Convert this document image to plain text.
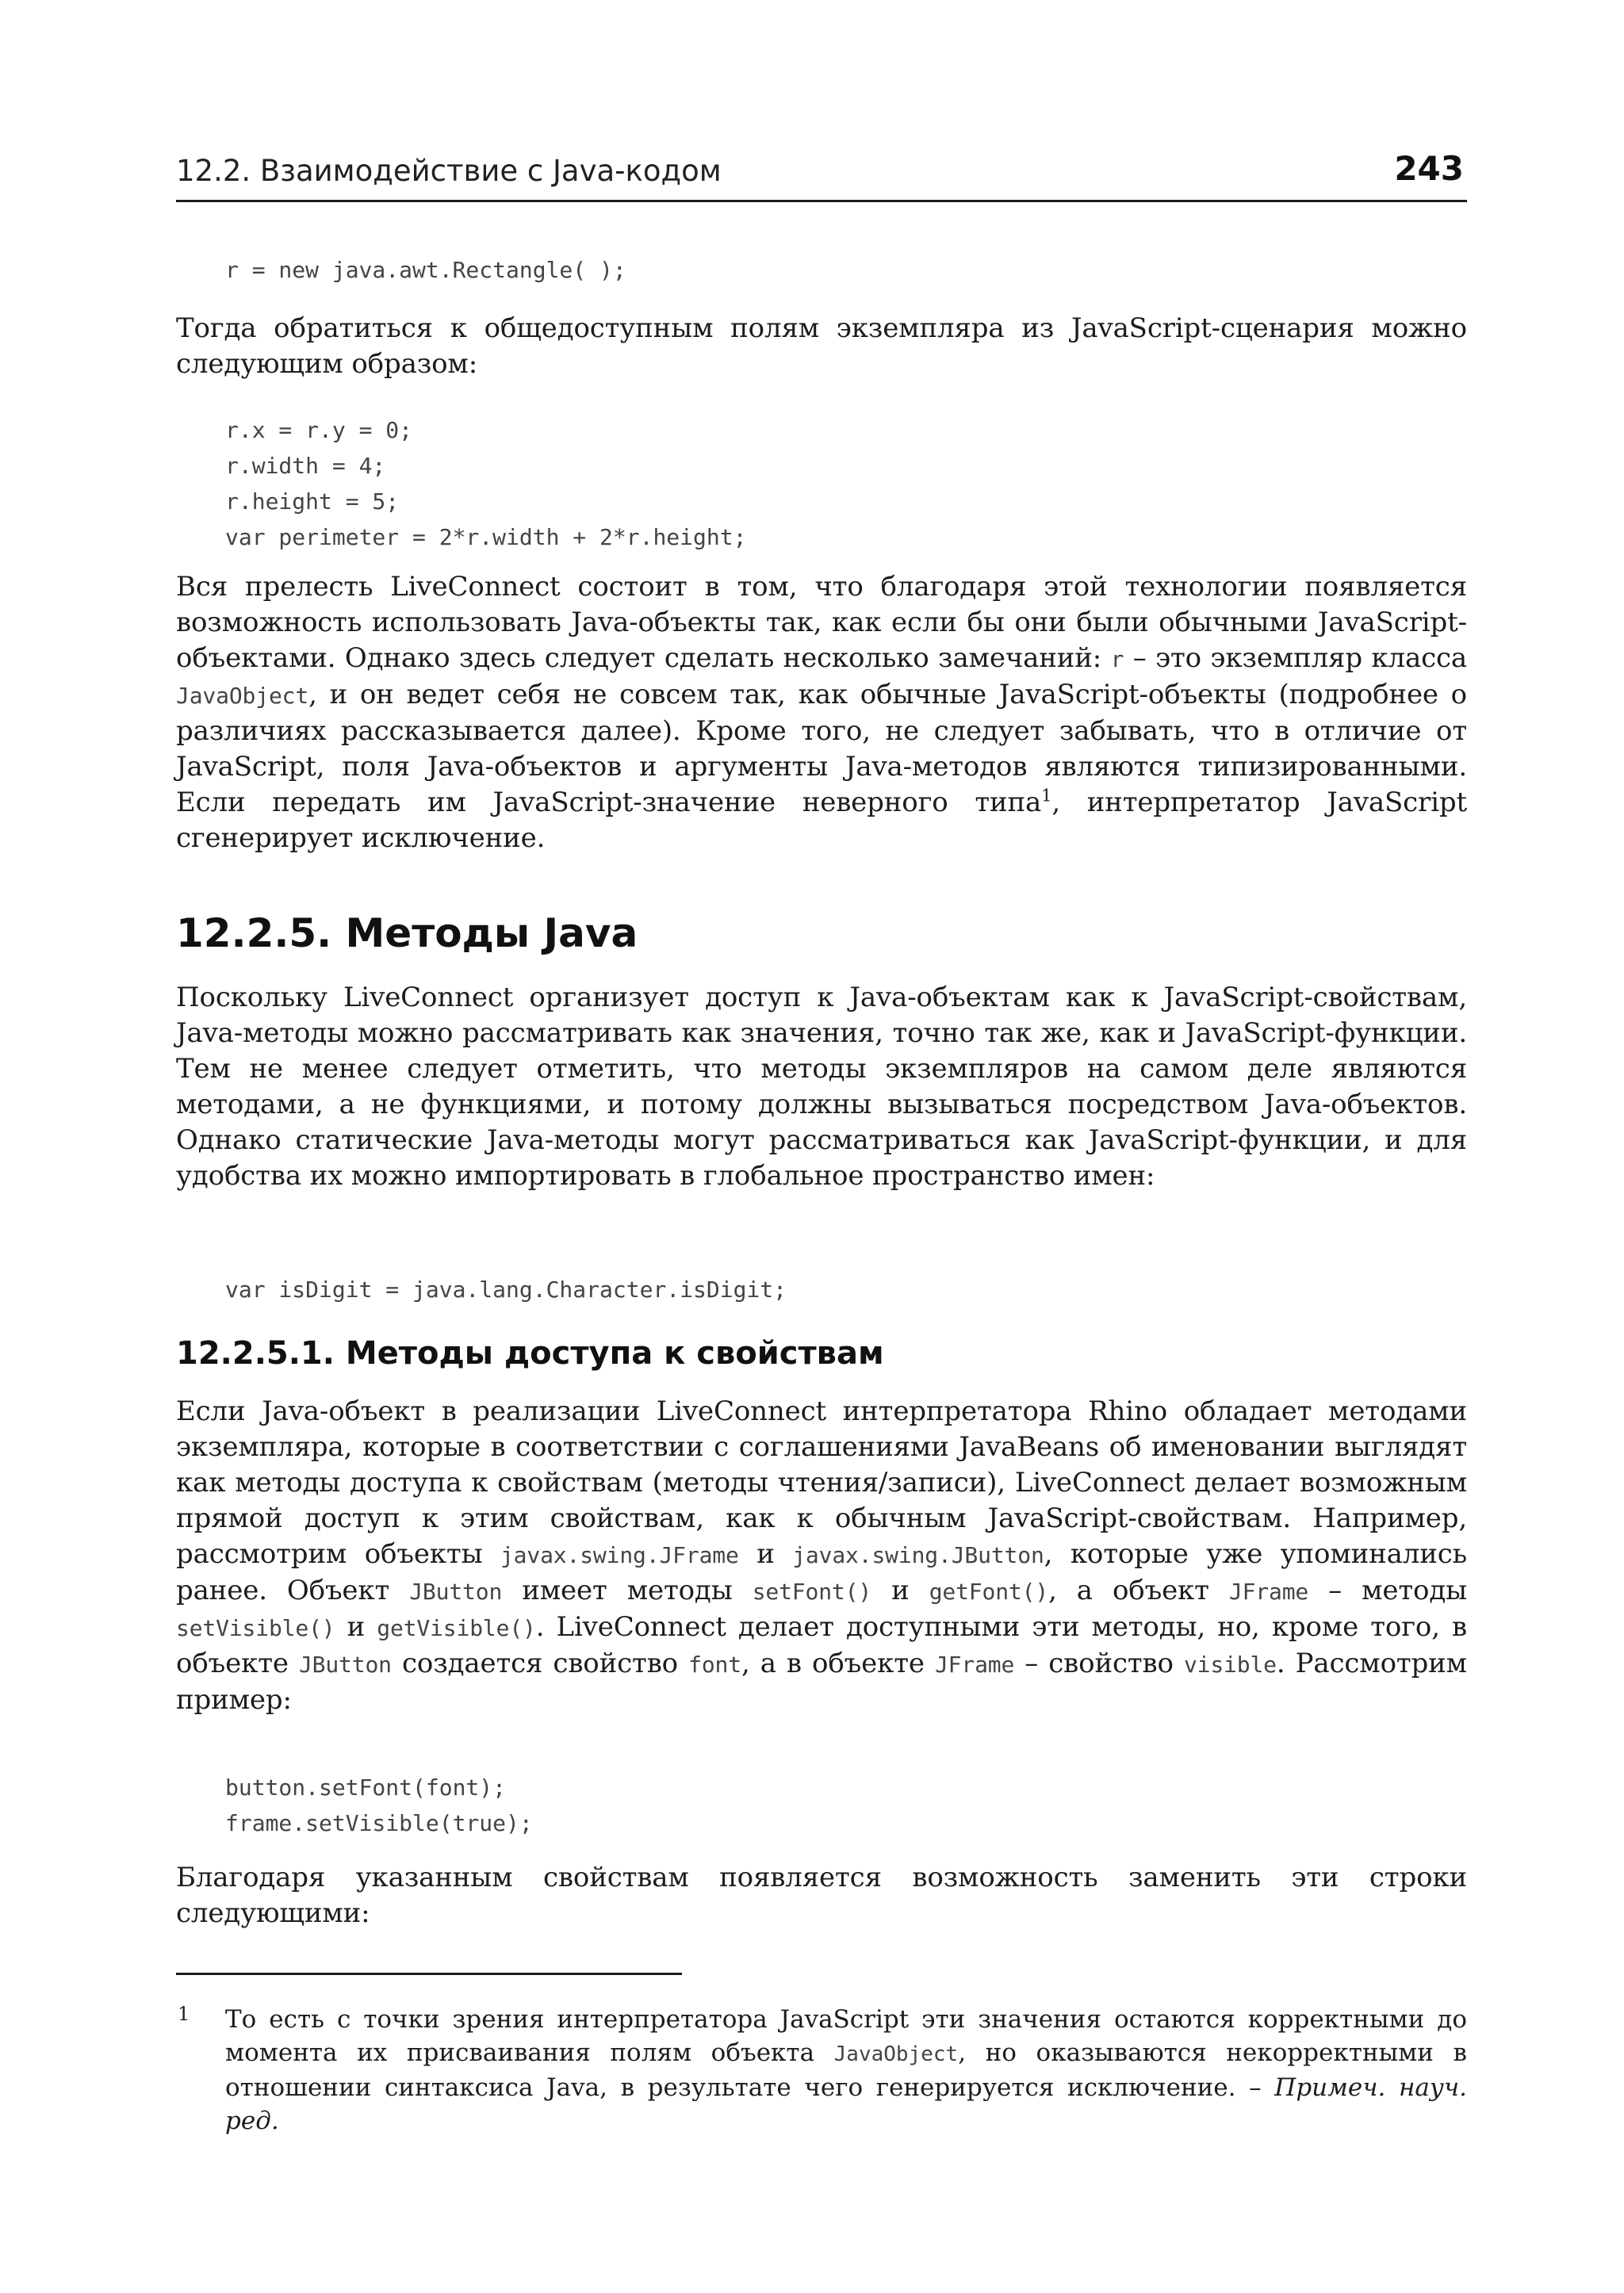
12.2. Взаимодействие с Java-кодом	243
r = new java.awt.Rectangle( );

Тогда обратиться к общедоступным полям экземпляра из JavaScript-сценария можно следующим образом:

r.x = r.y = 0;
r.width = 4;
r.height = 5;
var perimeter = 2*r.width + 2*r.height;

Вся прелесть LiveConnect состоит в том, что благодаря этой технологии появляется возможность использовать Java-объекты так, как если бы они были обычными JavaScript-объектами. Однако здесь следует сделать несколько замечаний: r – это экземпляр класса JavaObject, и он ведет себя не совсем так, как обычные JavaScript-объекты (подробнее о различиях рассказывается далее). Кроме того, не следует забывать, что в отличие от JavaScript, поля Java-объектов и аргументы Java-методов являются типизированными. Если передать им JavaScript-значение неверного типа$^1$, интерпретатор JavaScript сгенерирует исключение.

12.2.5. Методы Java

Поскольку LiveConnect организует доступ к Java-объектам как к JavaScript-свойствам, Java-методы можно рассматривать как значения, точно так же, как и JavaScript-функции. Тем не менее следует отметить, что методы экземпляров на самом деле являются методами, а не функциями, и потому должны вызываться посредством Java-объектов. Однако статические Java-методы могут рассматриваться как JavaScript-функции, и для удобства их можно импортировать в глобальное пространство имен:

var isDigit = java.lang.Character.isDigit;
12.2.5.1. Методы доступа к свойствам

Если Java-объект в реализации LiveConnect интерпретатора Rhino обладает методами экземпляра, которые в соответствии с соглашениями JavaBeans об именовании выглядят как методы доступа к свойствам (методы чтения/записи), LiveConnect делает возможным прямой доступ к этим свойствам, как к обычным JavaScript-свойствам. Например, рассмотрим объекты javax.swing.JFrame и javax.swing.JButton, которые уже упоминались ранее. Объект JButton имеет методы setFont() и getFont(), а объект JFrame – методы setVisible() и getVisible(). LiveConnect делает доступными эти методы, но, кроме того, в объекте JButton создается свойство font, а в объекте JFrame – свойство visible. Рассмотрим пример:

button.setFont(font);
frame.setVisible(true);

Благодаря указанным свойствам появляется возможность заменить эти строки следующими:

1 То есть с точки зрения интерпретатора JavaScript эти значения остаются корректными до момента их присваивания полям объекта JavaObject, но оказываются некорректными в отношении синтаксиса Java, в результате чего генерируется исключение. – Примеч. науч. ред.
